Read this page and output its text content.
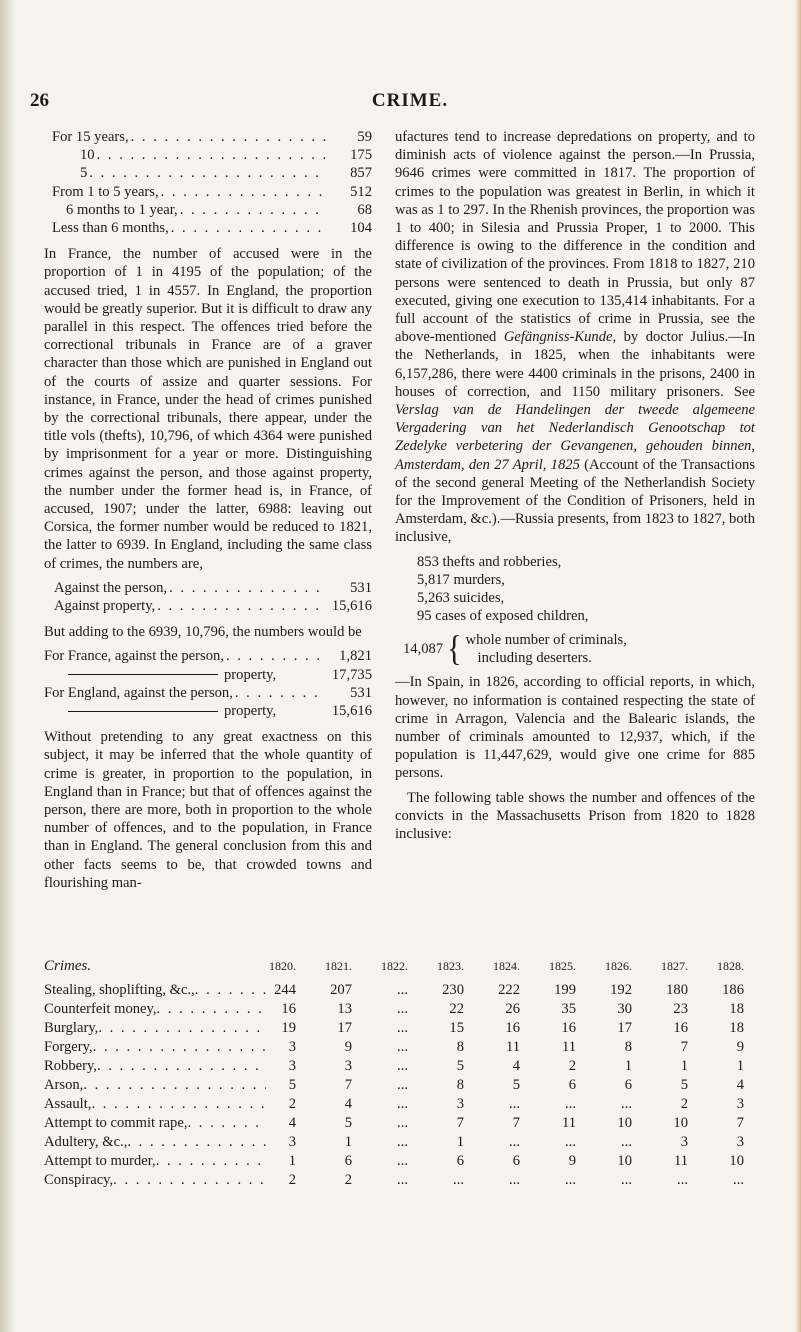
26	CRIME.
For 15 years, . . .	59
10 . . .	175
5 . . .	857
From 1 to 5 years, . . .	512
6 months to 1 year, . . .	68
Less than 6 months, . . .	104

In France, the number of accused were in the proportion of 1 in 4195 of the population; of the accused tried, 1 in 4557. In England, the proportion would be greatly superior. But it is difficult to draw any parallel in this respect. The offences tried before the correctional tribunals in France are of a graver character than those which are punished in England out of the courts of assize and quarter sessions. For instance, in France, under the head of crimes punished by the correctional tribunals, there appear, under the title vols (thefts), 10,796, of which 4364 were punished by imprisonment for a year or more. Distinguishing crimes against the person, and those against property, the number under the former head is, in France, of accused, 1907; under the latter, 6988: leaving out Corsica, the former number would be reduced to 1821, the latter to 6939. In England, including the same class of crimes, the numbers are,

Against the person, . . .	531
Against property, . . .	15,616

But adding to the 6939, 10,796, the numbers would be

For France, against the person, . . .	1,821
property,	17,735
For England, against the person, . . .	531
property,	15,616

Without pretending to any great exactness on this subject, it may be inferred that the whole quantity of crime is greater, in proportion to the population, in England than in France; but that of offences against the person, there are more, both in proportion to the whole number of offences, and to the population, in France than in England. The general conclusion from this and other facts seems to be, that crowded towns and flourishing man-

ufactures tend to increase depredations on property, and to diminish acts of violence against the person.—In Prussia, 9646 crimes were committed in 1817. The proportion of crimes to the population was greatest in Berlin, in which it was as 1 to 297. In the Rhenish provinces, the proportion was 1 to 400; in Silesia and Prussia Proper, 1 to 2000. This difference is owing to the difference in the condition and state of civilization of the provinces. From 1818 to 1827, 210 persons were sentenced to death in Prussia, but only 87 executed, giving one execution to 135,414 inhabitants. For a full account of the statistics of crime in Prussia, see the above-mentioned Gefängniss-Kunde, by doctor Julius.—In the Netherlands, in 1825, when the inhabitants were 6,157,286, there were 4400 criminals in the prisons, 2400 in houses of correction, and 1150 military prisoners. See Verslag van de Handelingen der tweede algemeene Vergadering van het Nederlandisch Genootschap tot Zedelyke verbetering der Gevangenen, gehouden binnen, Amsterdam, den 27 April, 1825 (Account of the Transactions of the second general Meeting of the Netherlandish Society for the Improvement of the Condition of Prisoners, held in Amsterdam, &c.).—Russia presents, from 1823 to 1827, both inclusive,

853 thefts and robberies,
5,817 murders,
5,263 suicides,
95 cases of exposed children,
14,087 { whole number of criminals,
including deserters.

—In Spain, in 1826, according to official reports, in which, however, no information is contained respecting the state of crime in Arragon, Valencia and the Balearic islands, the number of criminals amounted to 12,937, which, if the population is 11,447,629, would give one crime for 885 persons.

The following table shows the number and offences of the convicts in the Massachusetts Prison from 1820 to 1828 inclusive:

Crimes.	1820.	1821.	1822.	1823.	1824.	1825.	1826.	1827.	1828.
Stealing, shoplifting, &c., . . .	244	207	...	230	222	199	192	180	186
Counterfeit money, . . .	16	13	...	22	26	35	30	23	18
Burglary, . . .	19	17	...	15	16	16	17	16	18
Forgery, . . .	3	9	...	8	11	11	8	7	9
Robbery, . . .	3	3	...	5	4	2	1	1	1
Arson, . . .	5	7	...	8	5	6	6	5	4
Assault, . . .	2	4	...	3	...	...	...	2	3
Attempt to commit rape, . . .	4	5	...	7	7	11	10	10	7
Adultery, &c., . . .	3	1	...	1	...	...	...	3	3
Attempt to murder, . . .	1	6	...	6	6	9	10	11	10
Conspiracy, . . .	2	2	...	...	...	...	...	...	...
